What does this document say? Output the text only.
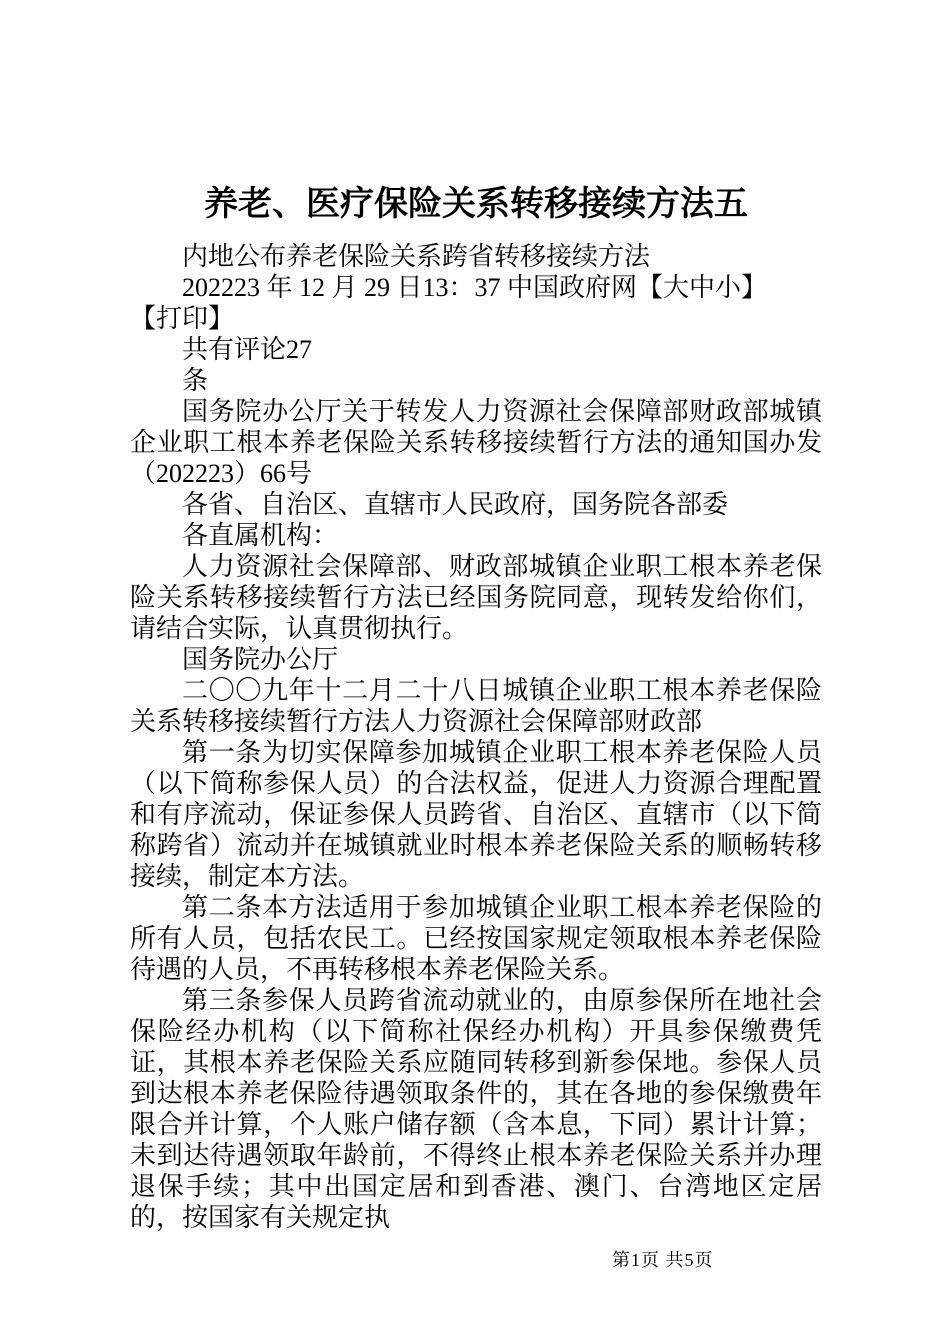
养老、医疗保险关系转移接续方法五

内地公布养老保险关系跨省转移接续方法

202223 年 12 月 29 日13：37 中国政府网【大中小】

【打印】

共有评论27

条

国务院办公厅关于转发人力资源社会保障部财政部城镇企业职工根本养老保险关系转移接续暂行方法的通知国办发（202223）66号

各省、自治区、直辖市人民政府，国务院各部委

各直属机构：

人力资源社会保障部、财政部城镇企业职工根本养老保险关系转移接续暂行方法已经国务院同意，现转发给你们，请结合实际，认真贯彻执行。

国务院办公厅

二〇〇九年十二月二十八日城镇企业职工根本养老保险关系转移接续暂行方法人力资源社会保障部财政部

第一条为切实保障参加城镇企业职工根本养老保险人员（以下简称参保人员）的合法权益，促进人力资源合理配置和有序流动，保证参保人员跨省、自治区、直辖市（以下简称跨省）流动并在城镇就业时根本养老保险关系的顺畅转移接续，制定本方法。

第二条本方法适用于参加城镇企业职工根本养老保险的所有人员，包括农民工。已经按国家规定领取根本养老保险待遇的人员，不再转移根本养老保险关系。

第三条参保人员跨省流动就业的，由原参保所在地社会保险经办机构（以下简称社保经办机构）开具参保缴费凭证，其根本养老保险关系应随同转移到新参保地。参保人员到达根本养老保险待遇领取条件的，其在各地的参保缴费年限合并计算，个人账户储存额（含本息，下同）累计计算；未到达待遇领取年龄前，不得终止根本养老保险关系并办理退保手续；其中出国定居和到香港、澳门、台湾地区定居的，按国家有关规定执

第1页 共5页
